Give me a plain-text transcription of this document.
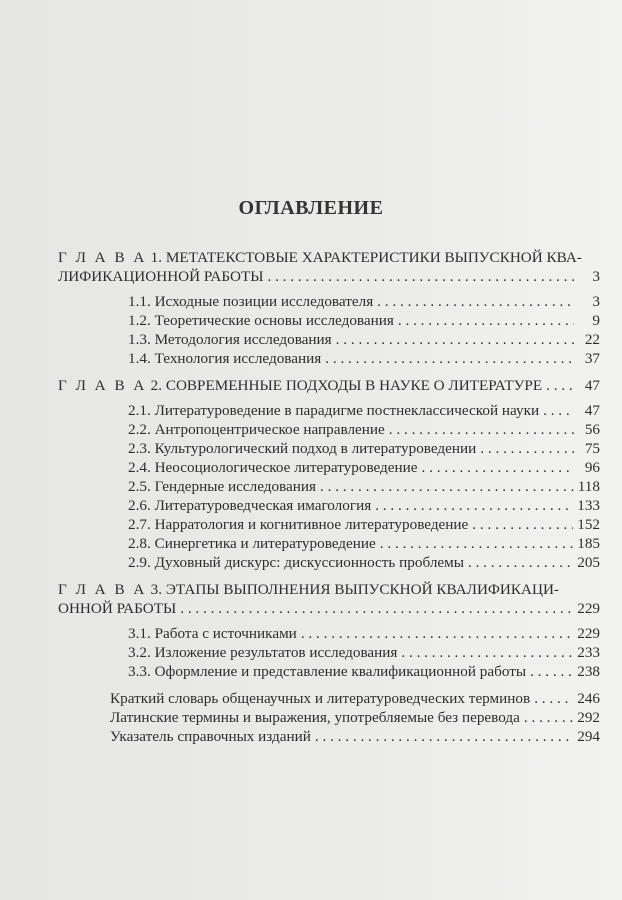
ОГЛАВЛЕНИЕ
Г Л А В А 1. МЕТАТЕКСТОВЫЕ ХАРАКТЕРИСТИКИ ВЫПУСКНОЙ КВА-
ЛИФИКАЦИОННОЙ РАБОТЫ . . .	3
1.1. Исходные позиции исследователя . . .	3
1.2. Теоретические основы исследования . . .	9
1.3. Методология исследования . . .	22
1.4. Технология исследования . . .	37
Г Л А В А 2. СОВРЕМЕННЫЕ ПОДХОДЫ В НАУКЕ О ЛИТЕРАТУРЕ . . .	47
2.1. Литературоведение в парадигме постнеклассической науки . . .	47
2.2. Антропоцентрическое направление . . .	56
2.3. Культурологический подход в литературоведении . . .	75
2.4. Неосоциологическое литературоведение . . .	96
2.5. Гендерные исследования . . .	118
2.6. Литературоведческая имагология . . .	133
2.7. Нарратология и когнитивное литературоведение . . .	152
2.8. Синергетика и литературоведение . . .	185
2.9. Духовный дискурс: дискуссионность проблемы . . .	205
Г Л А В А 3. ЭТАПЫ ВЫПОЛНЕНИЯ ВЫПУСКНОЙ КВАЛИФИКАЦИ-
ОННОЙ РАБОТЫ . . .	229
3.1. Работа с источниками . . .	229
3.2. Изложение результатов исследования . . .	233
3.3. Оформление и представление квалификационной работы . . .	238
Краткий словарь общенаучных и литературоведческих терминов . . .	246
Латинские термины и выражения, употребляемые без перевода . . .	292
Указатель справочных изданий . . .	294
